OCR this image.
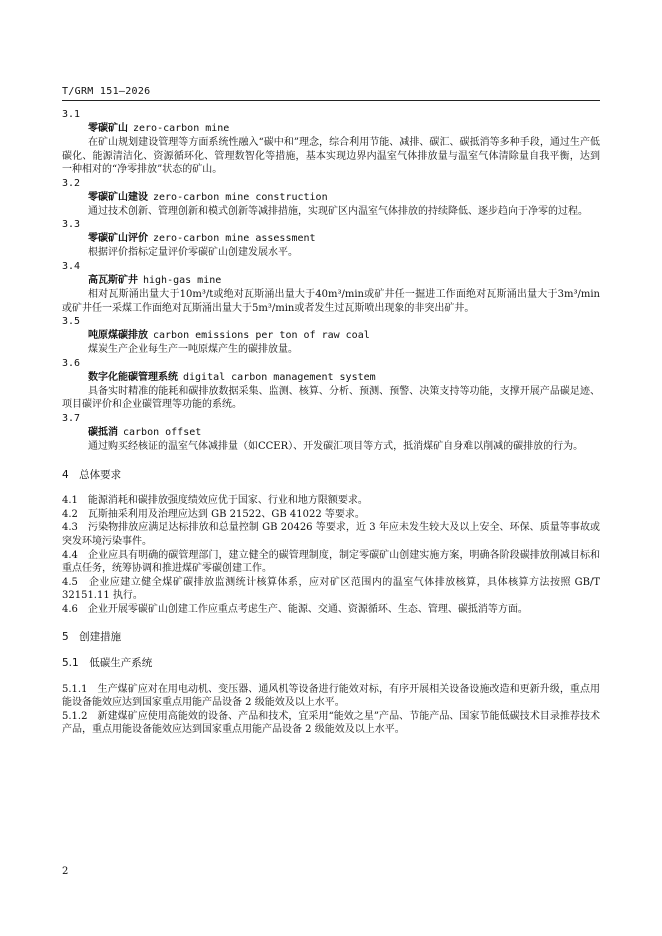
T/GRM 151—2026
3.1
零碳矿山  zero-carbon mine
在矿山规划建设管理等方面系统性融入“碳中和”理念，综合利用节能、减排、碳汇、碳抵消等多种手段，通过生产低碳化、能源清洁化、资源循环化、管理数智化等措施，基本实现边界内温室气体排放量与温室气体清除量自我平衡，达到一种相对的“净零排放”状态的矿山。
3.2
零碳矿山建设  zero-carbon mine construction
通过技术创新、管理创新和模式创新等减排措施，实现矿区内温室气体排放的持续降低、逐步趋向于净零的过程。
3.3
零碳矿山评价  zero-carbon mine assessment
根据评价指标定量评价零碳矿山创建发展水平。
3.4
高瓦斯矿井  high-gas mine
相对瓦斯涌出量大于10m³/t或绝对瓦斯涌出量大于40m³/min或矿井任一掘进工作面绝对瓦斯涌出量大于3m³/min或矿井任一采煤工作面绝对瓦斯涌出量大于5m³/min或者发生过瓦斯喷出现象的非突出矿井。
3.5
吨原煤碳排放  carbon emissions per ton of raw coal
煤炭生产企业每生产一吨原煤产生的碳排放量。
3.6
数字化能碳管理系统  digital carbon management system
具备实时精准的能耗和碳排放数据采集、监测、核算、分析、预测、预警、决策支持等功能，支撑开展产品碳足迹、项目碳评价和企业碳管理等功能的系统。
3.7
碳抵消  carbon offset
通过购买经核证的温室气体减排量（如CCER）、开发碳汇项目等方式，抵消煤矿自身难以削减的碳排放的行为。
4　总体要求
4.1　能源消耗和碳排放强度绩效应优于国家、行业和地方限额要求。
4.2　瓦斯抽采利用及治理应达到 GB 21522、GB 41022 等要求。
4.3　污染物排放应满足达标排放和总量控制 GB 20426 等要求，近 3 年应未发生较大及以上安全、环保、质量等事故或突发环境污染事件。
4.4　企业应具有明确的碳管理部门，建立健全的碳管理制度，制定零碳矿山创建实施方案，明确各阶段碳排放削减目标和重点任务，统筹协调和推进煤矿零碳创建工作。
4.5　企业应建立健全煤矿碳排放监测统计核算体系，应对矿区范围内的温室气体排放核算，具体核算方法按照 GB/T 32151.11 执行。
4.6　企业开展零碳矿山创建工作应重点考虑生产、能源、交通、资源循环、生态、管理、碳抵消等方面。
5　创建措施
5.1　低碳生产系统
5.1.1　生产煤矿应对在用电动机、变压器、通风机等设备进行能效对标，有序开展相关设备设施改造和更新升级，重点用能设备能效应达到国家重点用能产品设备 2 级能效及以上水平。
5.1.2　新建煤矿应使用高能效的设备、产品和技术，宜采用“能效之星”产品、节能产品、国家节能低碳技术目录推荐技术产品，重点用能设备能效应达到国家重点用能产品设备 2 级能效及以上水平。
2
